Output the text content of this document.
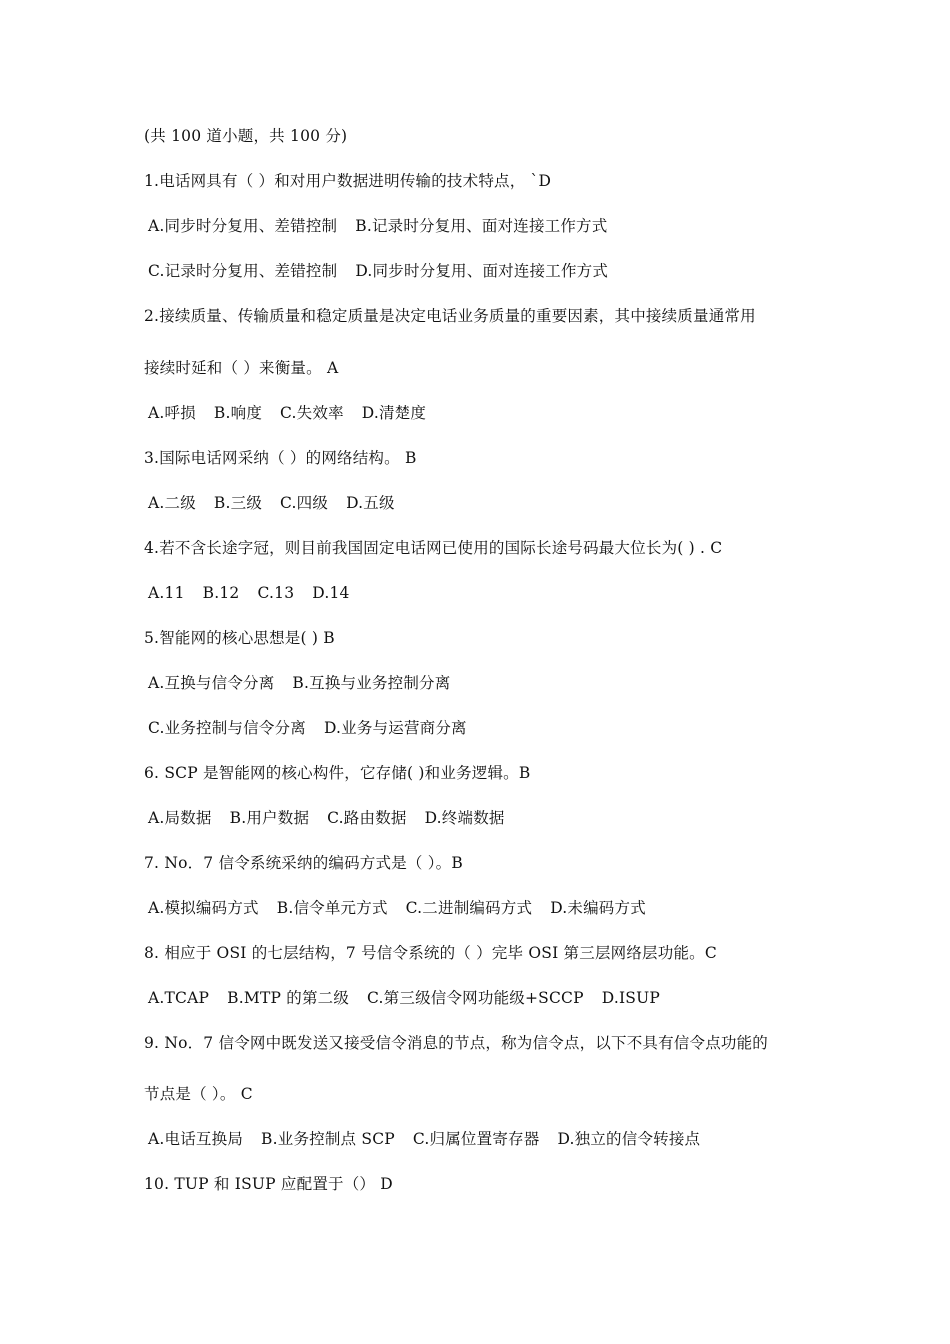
(共 100 道小题，共 100 分)
1.电话网具有（ ）和对用户数据进明传输的技术特点， `D
A.同步时分复用、差错控制 B.记录时分复用、面对连接工作方式
C.记录时分复用、差错控制 D.同步时分复用、面对连接工作方式
2.接续质量、传输质量和稳定质量是决定电话业务质量的重要因素，其中接续质量通常用
接续时延和（ ）来衡量。 A
A.呼损 B.响度 C.失效率 D.清楚度
3.国际电话网采纳（ ）的网络结构。 B
A.二级 B.三级 C.四级 D.五级
4.若不含长途字冠，则目前我国固定电话网已使用的国际长途号码最大位长为( ) . C
A.11 B.12 C.13 D.14
5.智能网的核心思想是( ) B
A.互换与信令分离 B.互换与业务控制分离
C.业务控制与信令分离 D.业务与运营商分离
6. SCP 是智能网的核心构件，它存储( )和业务逻辑。B
A.局数据 B.用户数据 C.路由数据 D.终端数据
7. No．7 信令系统采纳的编码方式是（ ）。B
A.模拟编码方式 B.信令单元方式 C.二进制编码方式 D.未编码方式
8. 相应于 OSI 的七层结构，7 号信令系统的（ ）完毕 OSI 第三层网络层功能。C
A.TCAP B.MTP 的第二级 C.第三级信令网功能级+SCCP D.ISUP
9. No．7 信令网中既发送又接受信令消息的节点，称为信令点，以下不具有信令点功能的
节点是（ ）。 C
A.电话互换局 B.业务控制点 SCP C.归属位置寄存器 D.独立的信令转接点
10. TUP 和 ISUP 应配置于（） D
